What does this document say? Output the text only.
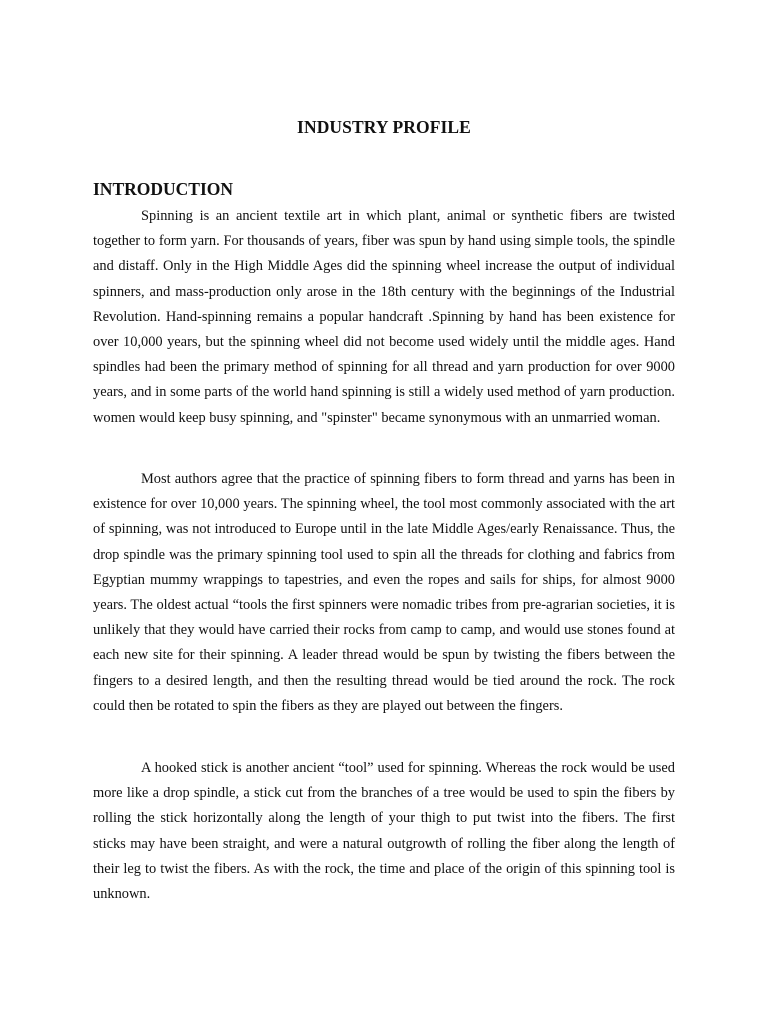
INDUSTRY PROFILE
INTRODUCTION

Spinning is an ancient textile art in which plant, animal or synthetic fibers are twisted together to form yarn. For thousands of years, fiber was spun by hand using simple tools, the spindle and distaff. Only in the High Middle Ages did the spinning wheel increase the output of individual spinners, and mass-production only arose in the 18th century with the beginnings of the Industrial Revolution. Hand-spinning remains a popular handcraft .Spinning by hand has been existence for over 10,000 years, but the spinning wheel did not become used widely until the middle ages. Hand spindles had been the primary method of spinning for all thread and yarn production for over 9000 years, and in some parts of the world hand spinning is still a widely used method of yarn production. women would keep busy spinning, and "spinster" became synonymous with an unmarried woman.

Most authors agree that the practice of spinning fibers to form thread and yarns has been in existence for over 10,000 years. The spinning wheel, the tool most commonly associated with the art of spinning, was not introduced to Europe until in the late Middle Ages/early Renaissance. Thus, the drop spindle was the primary spinning tool used to spin all the threads for clothing and fabrics from Egyptian mummy wrappings to tapestries, and even the ropes and sails for ships, for almost 9000 years. The oldest actual “tools the first spinners were nomadic tribes from pre-agrarian societies, it is unlikely that they would have carried their rocks from camp to camp, and would use stones found at each new site for their spinning. A leader thread would be spun by twisting the fibers between the fingers to a desired length, and then the resulting thread would be tied around the rock. The rock could then be rotated to spin the fibers as they are played out between the fingers.

A hooked stick is another ancient “tool” used for spinning. Whereas the rock would be used more like a drop spindle, a stick cut from the branches of a tree would be used to spin the fibers by rolling the stick horizontally along the length of your thigh to put twist into the fibers. The first sticks may have been straight, and were a natural outgrowth of rolling the fiber along the length of their leg to twist the fibers. As with the rock, the time and place of the origin of this spinning tool is unknown.
